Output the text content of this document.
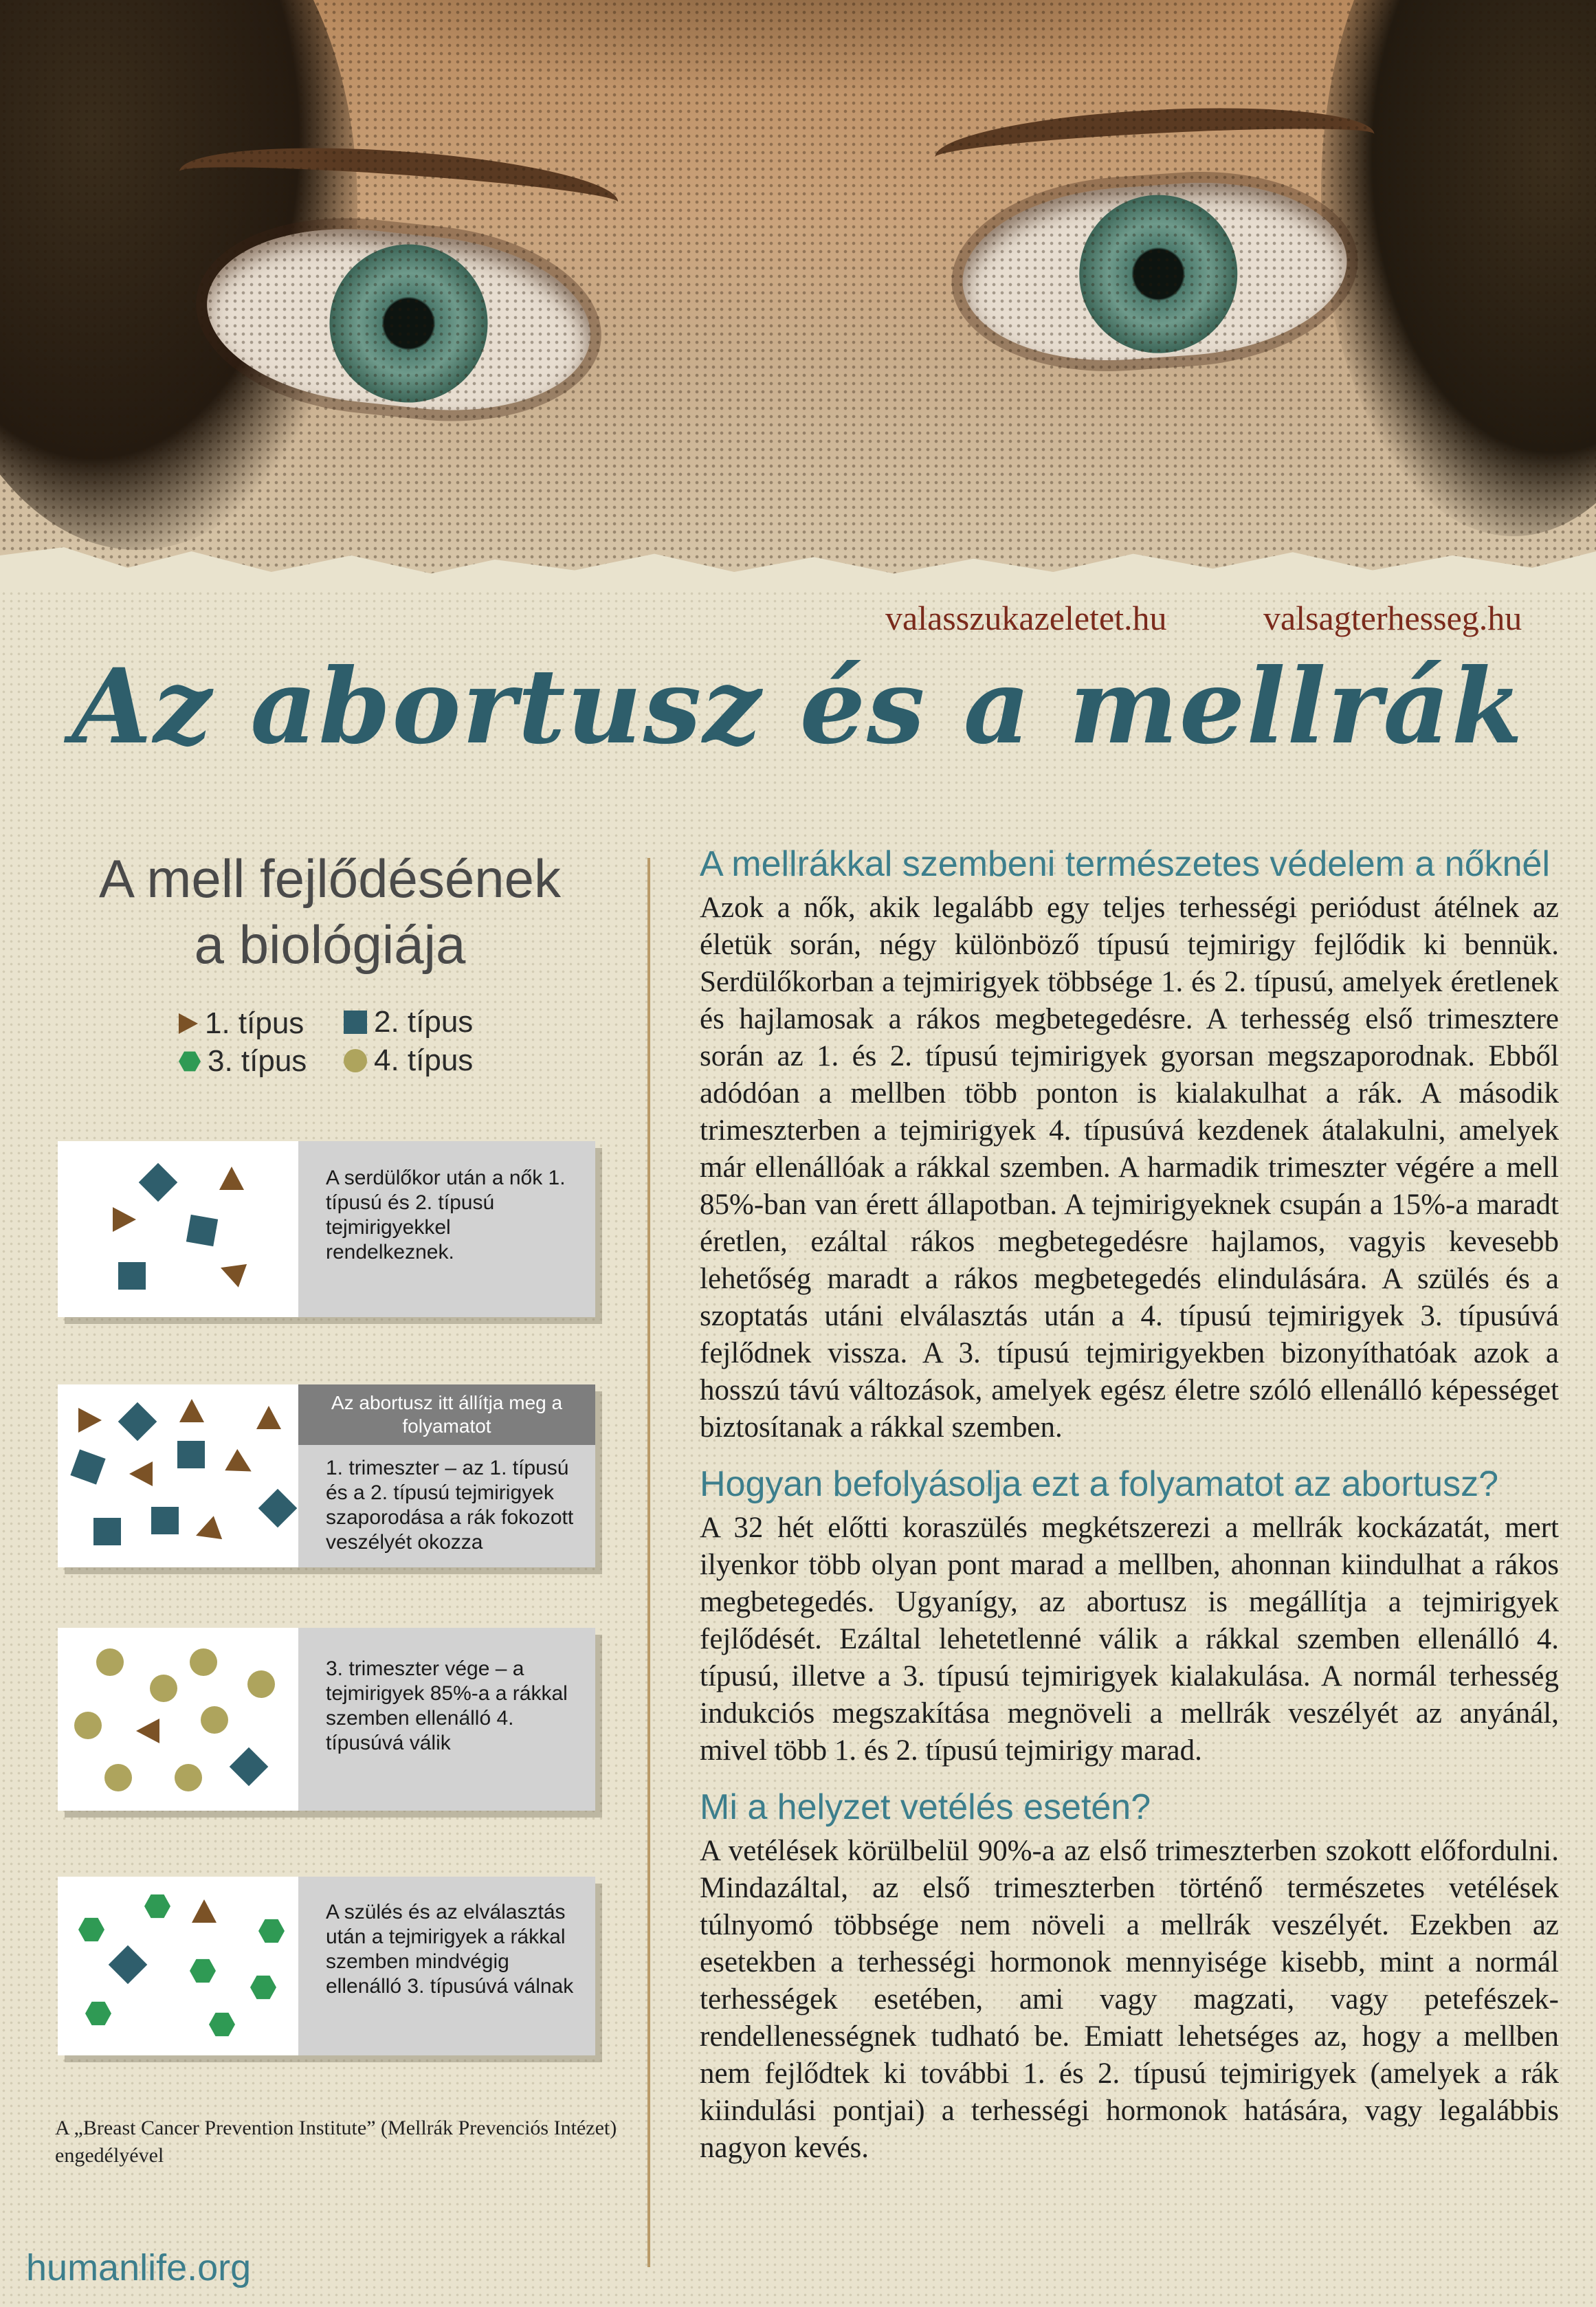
valasszukazeletet.hu	valsagterhesseg.hu
Az abortusz és a mellrák
A mell fejlődésének
a biológiája
1. típus 2. típus

3. típus 4. típus
A serdülőkor után a nők 1. típusú és 2. típusú tejmirigyekkel rendelkeznek.
Az abortusz itt állítja meg a folyamatot
1. trimeszter – az 1. típusú és a 2. típusú tejmirigyek szaporodása a rák fokozott veszélyét okozza
3. trimeszter vége – a tejmirigyek 85%-a a rákkal szemben ellenálló 4. típusúvá válik
A szülés és az elválasztás után a tejmirigyek a rákkal szemben mindvégig ellenálló 3. típusúvá válnak
A „Breast Cancer Prevention Institute” (Mellrák Prevenciós Intézet) engedélyével
humanlife.org
A mellrákkal szembeni természetes védelem a nőknél

Azok a nők, akik legalább egy teljes terhességi periódust átélnek az életük során, négy különböző típusú tejmirigy fejlődik ki bennük. Serdülőkorban a tejmirigyek többsége 1. és 2. típusú, amelyek éretlenek és hajlamosak a rákos megbetegedésre. A terhesség első trimesztere során az 1. és 2. típusú tejmirigyek gyorsan megszaporodnak. Ebből adódóan a mellben több ponton is kialakulhat a rák. A második trimeszterben a tejmirigyek 4. típusúvá kezdenek átalakulni, amelyek már ellenállóak a rákkal szemben. A harmadik trimeszter végére a mell 85%-ban van érett állapotban. A tejmirigyeknek csupán a 15%-a maradt éretlen, ezáltal rákos megbetegedésre hajlamos, vagyis kevesebb lehetőség maradt a rákos megbetegedés elindulására. A szülés és a szoptatás utáni elválasztás után a 4. típusú tejmirigyek 3. típusúvá fejlődnek vissza. A 3. típusú tejmirigyekben bizonyíthatóak azok a hosszú távú változások, amelyek egész életre szóló ellenálló képességet biztosítanak a rákkal szemben.

Hogyan befolyásolja ezt a folyamatot az abortusz?

A 32 hét előtti koraszülés megkétszerezi a mellrák kockázatát, mert ilyenkor több olyan pont marad a mellben, ahonnan kiindulhat a rákos megbetegedés. Ugyanígy, az abortusz is megállítja a tejmirigyek fejlődését. Ezáltal lehetetlenné válik a rákkal szemben ellenálló 4. típusú, illetve a 3. típusú tejmirigyek kialakulása. A normál terhesség indukciós megszakítása megnöveli a mellrák veszélyét az anyánál, mivel több 1. és 2. típusú tejmirigy marad.

Mi a helyzet vetélés esetén?

A vetélések körülbelül 90%-a az első trimeszterben szokott előfordulni. Mindazáltal, az első trimeszterben történő természetes vetélések túlnyomó többsége nem növeli a mellrák veszélyét. Ezekben az esetekben a terhességi hormonok mennyisége kisebb, mint a normál terhességek esetében, ami vagy magzati, vagy petefészek-rendellenességnek tudható be. Emiatt lehetséges az, hogy a mellben nem fejlődtek ki további 1. és 2. típusú tejmirigyek (amelyek a rák kiindulási pontjai) a terhességi hormonok hatására, vagy legalábbis nagyon kevés.
